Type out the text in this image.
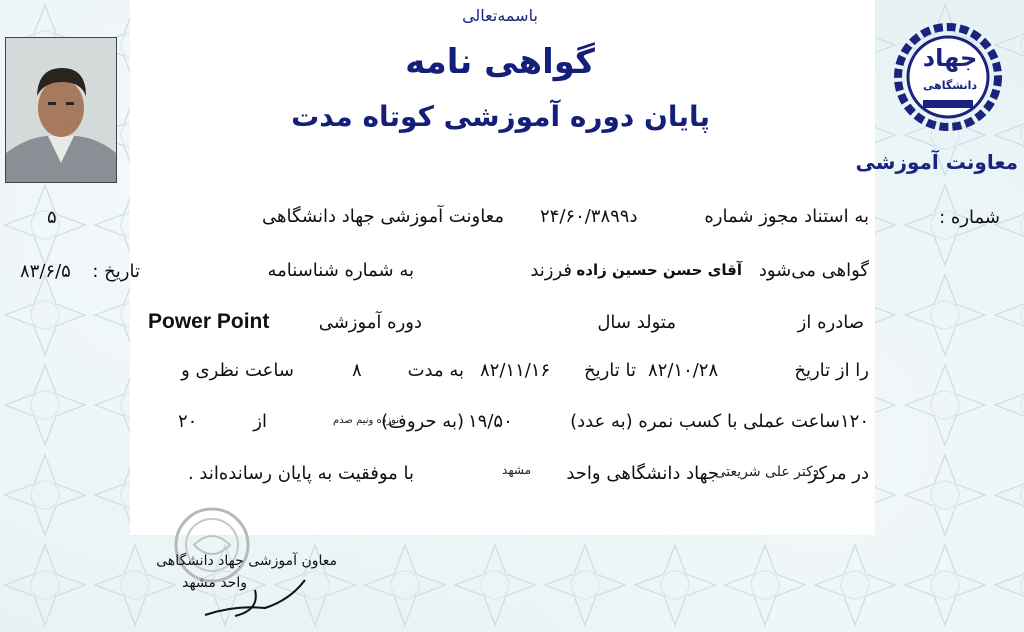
جهاد
دانشگاهی
معاونت آموزشی
باسمه‌تعالی
گواهی نامه
پایان دوره آموزشی کوتاه مدت
شماره :
۵
تاریخ :
۸۳/۶/۵
به استناد مجوز شماره
۲۴/۶۰/۳۸۹۹د
معاونت آموزشی جهاد دانشگاهی
گواهی می‌شود
آقای حسن حسین زاده
فرزند
به شماره شناسنامه
صادره از
متولد سال
دوره آموزشی
Power Point
را از تاریخ
۸۲/۱۰/۲۸
تا تاریخ
۸۲/۱۱/۱۶
به مدت
۸
ساعت نظری و
۱۲۰ساعت عملی با کسب نمره (به عدد)
۱۹/۵۰
(به حروف)
نوزده ونیم صدم
از
۲۰
در مرکز
دکتر علی شریعتی
جهاد دانشگاهی واحد
مشهد
با موفقیت به پایان رسانده‌اند .
معاون آموزشی جهاد دانشگاهی
واحد مشهد
